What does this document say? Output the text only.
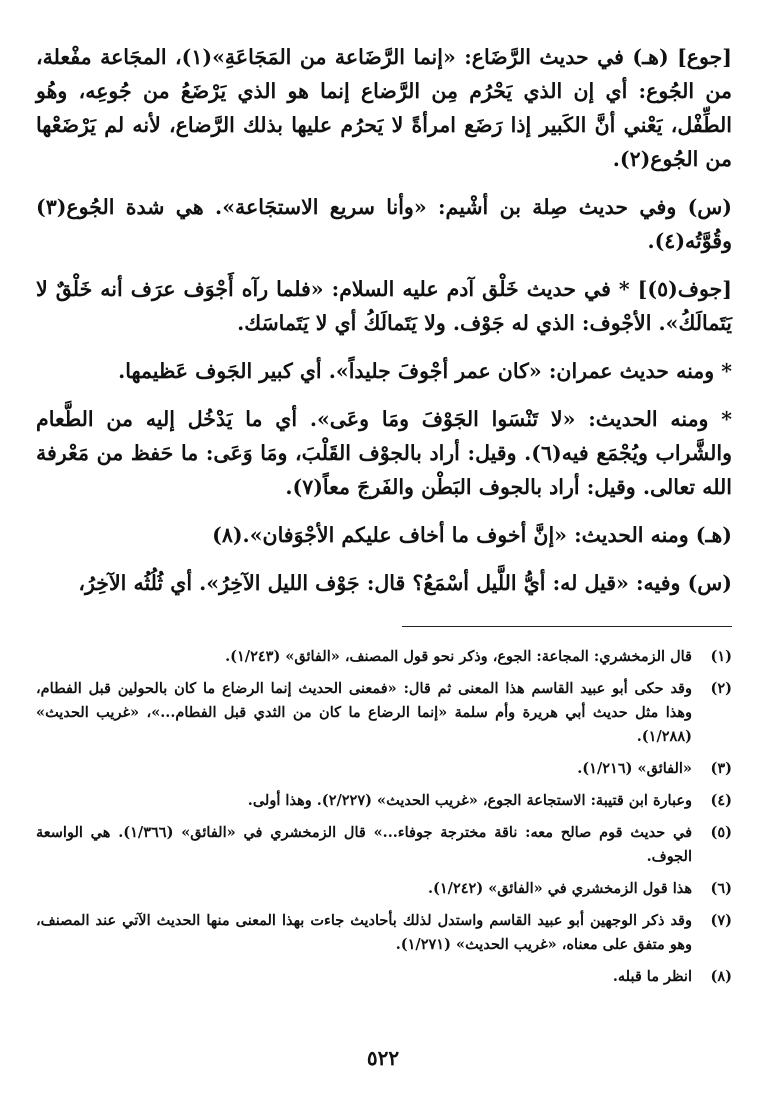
[جوع] (هـ) في حديث الرَّضَاع: «إنما الرَّضَاعة من المَجَاعَةِ»(١)، المجَاعة مفْعلة، من الجُوع: أي إن الذي يَحْرُم مِن الرَّضاع إنما هو الذي يَرْضَعُ من جُوعِه، وهُو الطِّفْل، يَعْني أنَّ الكَبير إذا رَضَع امرأةً لا يَحرُم عليها بذلك الرَّضاع، لأنه لم يَرْضَعْها من الجُوع(٢).

(س) وفي حديث صِلة بن أشْيم: «وأنا سريع الاستجَاعة». هي شدة الجُوع(٣) وقُوَّتُه(٤).

[جوف(٥)] * في حديث خَلْق آدم عليه السلام: «فلما رآه أَجْوَف عرَف أنه خَلْقٌ لا يَتَمالَكُ». الأجْوف: الذي له جَوْف. ولا يَتَمالَكُ أي لا يَتَماسَك.

* ومنه حديث عمران: «كان عمر أجْوفَ جليداً». أي كبير الجَوف عَظيمها.

* ومنه الحديث: «لا تَنْسَوا الجَوْفَ ومَا وعَى». أي ما يَدْخُل إليه من الطَّعام والشَّراب ويُجْمَع فيه(٦). وقيل: أراد بالجوْف القَلْبَ، ومَا وَعَى: ما حَفظ من مَعْرفة الله تعالى. وقيل: أراد بالجوف البَطْن والفَرجَ معاً(٧).

(هـ) ومنه الحديث: «إنَّ أخوف ما أخاف عليكم الأجْوَفان».(٨)

(س) وفيه: «قيل له: أيُّ اللَّيل أسْمَعُ؟ قال: جَوْف الليل الآخِرُ». أي ثُلُثُه الآخِرُ،

(١)
قال الزمخشري: المجاعة: الجوع، وذكر نحو قول المصنف، «الفائق» (١/٢٤٣).
(٢)
وقد حكى أبو عبيد القاسم هذا المعنى ثم قال: «فمعنى الحديث إنما الرضاع ما كان بالحولين قبل الفطام، وهذا مثل حديث أبي هريرة وأم سلمة «إنما الرضاع ما كان من الثدي قبل الفطام...»، «غريب الحديث» (١/٢٨٨).
(٣)
«الفائق» (١/٢١٦).
(٤)
وعبارة ابن قتيبة: الاستجاعة الجوع، «غريب الحديث» (٢/٢٢٧). وهذا أولى.
(٥)
في حديث قوم صالح معه: ناقة مخترجة جوفاء...» قال الزمخشري في «الفائق» (١/٣٦٦). هي الواسعة الجوف.
(٦)
هذا قول الزمخشري في «الفائق» (١/٢٤٢).
(٧)
وقد ذكر الوجهين أبو عبيد القاسم واستدل لذلك بأحاديث جاءت بهذا المعنى منها الحديث الآتي عند المصنف، وهو متفق على معناه، «غريب الحديث» (١/٢٧١).
(٨)
انظر ما قبله.
٥٢٢
